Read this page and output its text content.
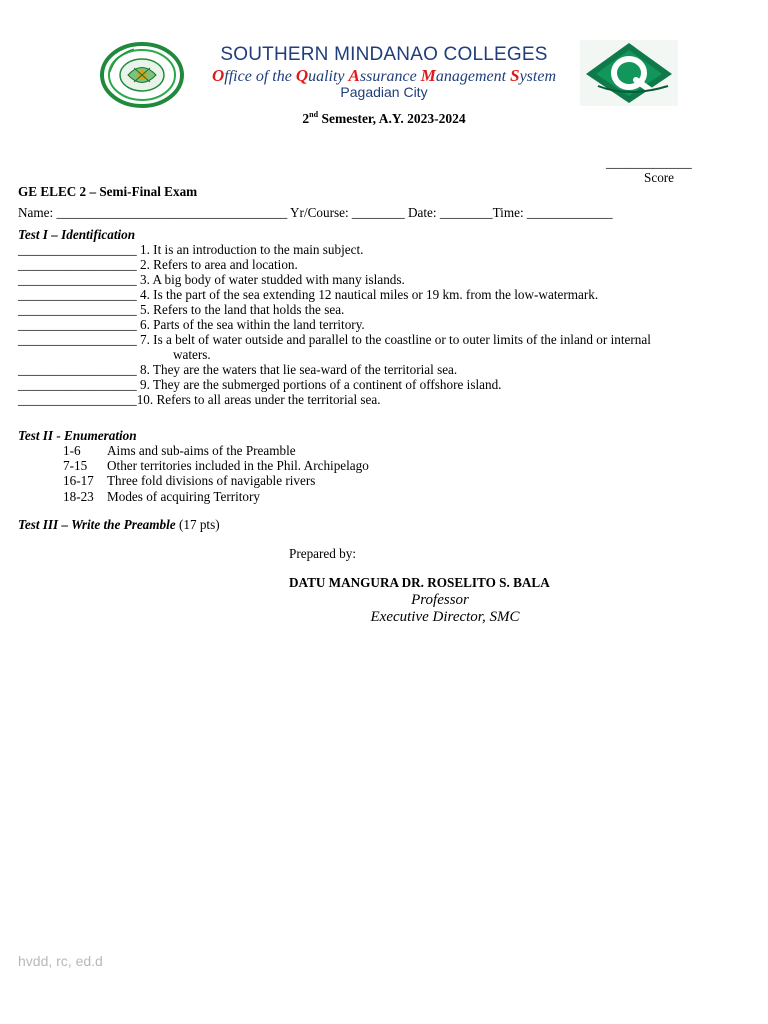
SOUTHERN MINDANAO COLLEGES
Office of the Quality Assurance Management System
Pagadian City
2nd Semester, A.Y. 2023-2024
_____________
Score
GE ELEC 2 – Semi-Final Exam
Name: ___________________________________ Yr/Course: ________ Date: ________Time: _____________
Test I – Identification
__________________ 1. It is an introduction to the main subject.
__________________ 2. Refers to area and location.
__________________ 3. A big body of water studded with many islands.
__________________ 4. Is the part of the sea extending 12 nautical miles or 19 km. from the low-watermark.
__________________ 5. Refers to the land that holds the sea.
__________________ 6. Parts of the sea within the land territory.
__________________ 7. Is a belt of water outside and parallel to the coastline or to outer limits of the inland or internal
waters.
__________________ 8. They are the waters that lie sea-ward of the territorial sea.
__________________ 9. They are the submerged portions of a continent of offshore island.
__________________10. Refers to all areas under the territorial sea.
Test II - Enumeration
1-6 Aims and sub-aims of the Preamble
7-15 Other territories included in the Phil. Archipelago
16-17 Three fold divisions of navigable rivers
18-23 Modes of acquiring Territory
Test III – Write the Preamble (17 pts)
Prepared by:
DATU MANGURA DR. ROSELITO S. BALA
Professor
Executive Director, SMC
hvdd, rc, ed.d
